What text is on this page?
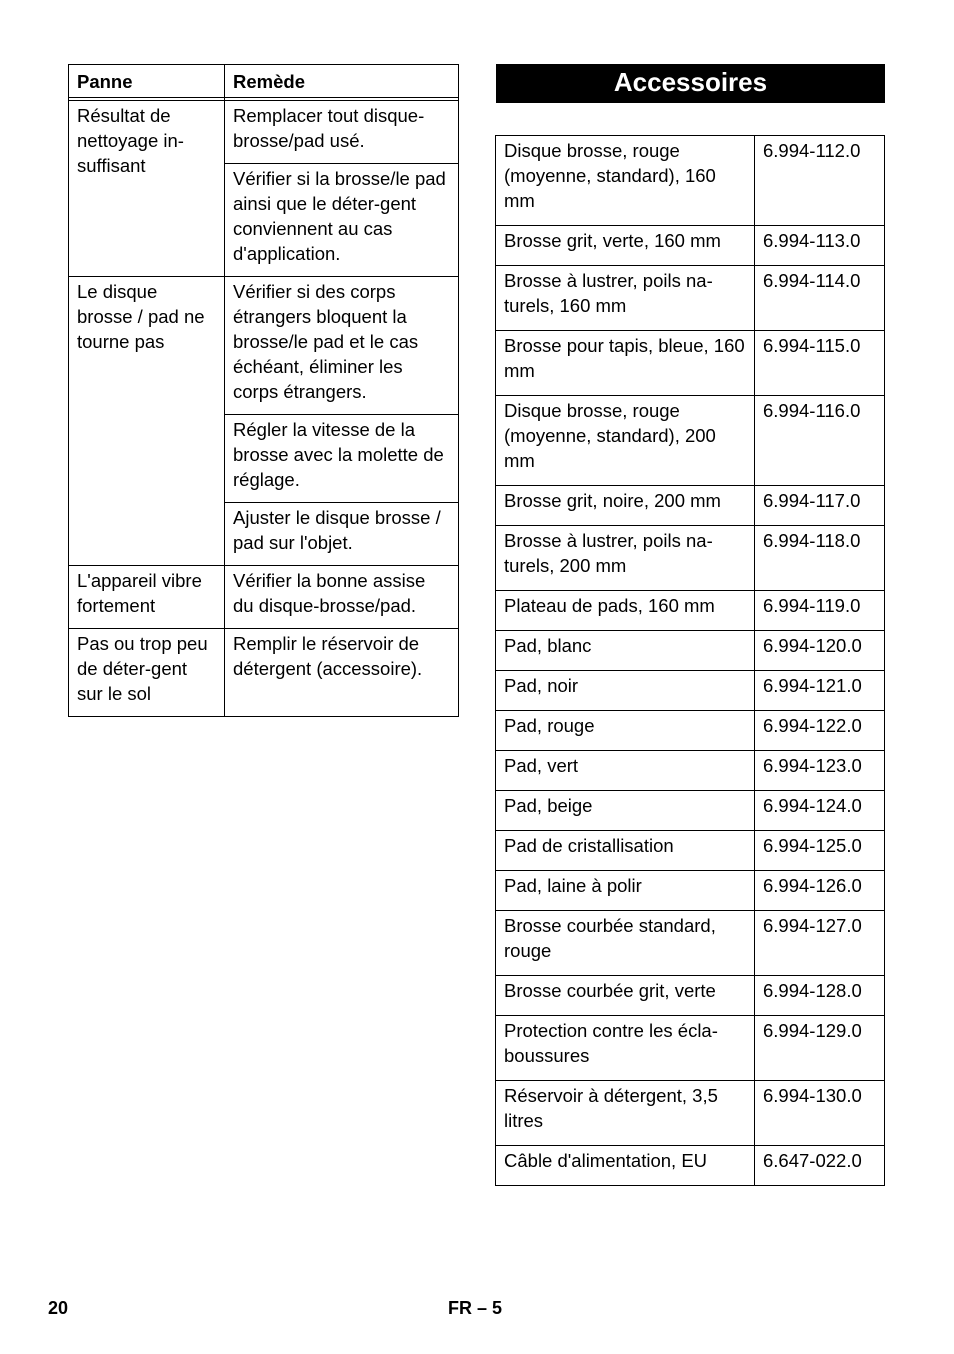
Panne	Remède

Résultat de nettoyage in-suffisant	Remplacer tout disque-brosse/pad usé.
	Vérifier si la brosse/le pad ainsi que le déter-gent conviennent au cas d'application.
Le disque brosse / pad ne tourne pas	Vérifier si des corps étrangers bloquent la brosse/le pad et le cas échéant, éliminer les corps étrangers.
	Régler la vitesse de la brosse avec la molette de réglage.
	Ajuster le disque brosse / pad sur l'objet.
L'appareil vibre fortement	Vérifier la bonne assise du disque-brosse/pad.
Pas ou trop peu de déter-gent sur le sol	Remplir le réservoir de détergent (accessoire).
Accessoires
Disque brosse, rouge (moyenne, standard), 160 mm	6.994-112.0
Brosse grit, verte, 160 mm	6.994-113.0
Brosse à lustrer, poils na-turels, 160 mm	6.994-114.0
Brosse pour tapis, bleue, 160 mm	6.994-115.0
Disque brosse, rouge (moyenne, standard), 200 mm	6.994-116.0
Brosse grit, noire, 200 mm	6.994-117.0
Brosse à lustrer, poils na-turels, 200 mm	6.994-118.0
Plateau de pads, 160 mm	6.994-119.0
Pad, blanc	6.994-120.0
Pad, noir	6.994-121.0
Pad, rouge	6.994-122.0
Pad, vert	6.994-123.0
Pad, beige	6.994-124.0
Pad de cristallisation	6.994-125.0
Pad, laine à polir	6.994-126.0
Brosse courbée standard, rouge	6.994-127.0
Brosse courbée grit, verte	6.994-128.0
Protection contre les écla-boussures	6.994-129.0
Réservoir à détergent, 3,5 litres	6.994-130.0
Câble d'alimentation, EU	6.647-022.0
20	FR – 5
